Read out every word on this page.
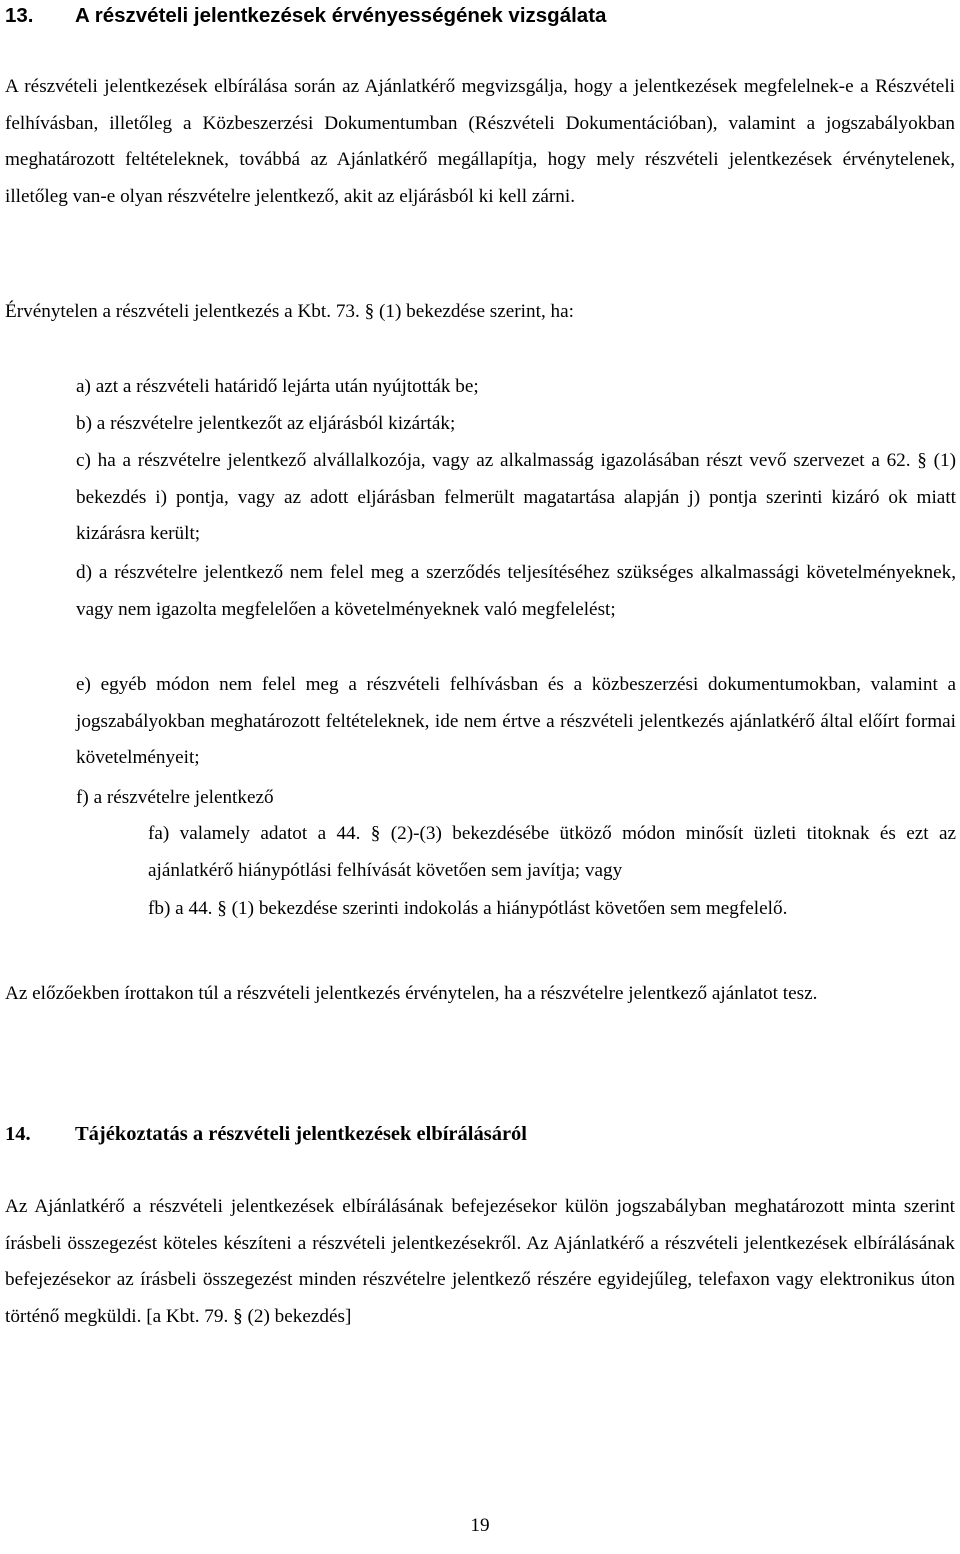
13. A részvételi jelentkezések érvényességének vizsgálata

A részvételi jelentkezések elbírálása során az Ajánlatkérő megvizsgálja, hogy a jelentkezések megfelelnek-e a Részvételi felhívásban, illetőleg a Közbeszerzési Dokumentumban (Részvételi Dokumentációban), valamint a jogszabályokban meghatározott feltételeknek, továbbá az Ajánlatkérő megállapítja, hogy mely részvételi jelentkezések érvénytelenek, illetőleg van-e olyan részvételre jelentkező, akit az eljárásból ki kell zárni.

Érvénytelen a részvételi jelentkezés a Kbt. 73. § (1) bekezdése szerint, ha:

a) azt a részvételi határidő lejárta után nyújtották be;

b) a részvételre jelentkezőt az eljárásból kizárták;

c) ha a részvételre jelentkező alvállalkozója, vagy az alkalmasság igazolásában részt vevő szervezet a 62. § (1) bekezdés i) pontja, vagy az adott eljárásban felmerült magatartása alapján j) pontja szerinti kizáró ok miatt kizárásra került;

d) a részvételre jelentkező nem felel meg a szerződés teljesítéséhez szükséges alkalmassági követelményeknek, vagy nem igazolta megfelelően a követelményeknek való megfelelést;

e) egyéb módon nem felel meg a részvételi felhívásban és a közbeszerzési dokumentumokban, valamint a jogszabályokban meghatározott feltételeknek, ide nem értve a részvételi jelentkezés ajánlatkérő által előírt formai követelményeit;

f) a részvételre jelentkező

fa) valamely adatot a 44. § (2)-(3) bekezdésébe ütköző módon minősít üzleti titoknak és ezt az ajánlatkérő hiánypótlási felhívását követően sem javítja; vagy

fb) a 44. § (1) bekezdése szerinti indokolás a hiánypótlást követően sem megfelelő.

Az előzőekben írottakon túl a részvételi jelentkezés érvénytelen, ha a részvételre jelentkező ajánlatot tesz.

14. Tájékoztatás a részvételi jelentkezések elbírálásáról

Az Ajánlatkérő a részvételi jelentkezések elbírálásának befejezésekor külön jogszabályban meghatározott minta szerint írásbeli összegezést köteles készíteni a részvételi jelentkezésekről. Az Ajánlatkérő a részvételi jelentkezések elbírálásának befejezésekor az írásbeli összegezést minden részvételre jelentkező részére egyidejűleg, telefaxon vagy elektronikus úton történő megküldi. [a Kbt. 79. § (2) bekezdés]

19
